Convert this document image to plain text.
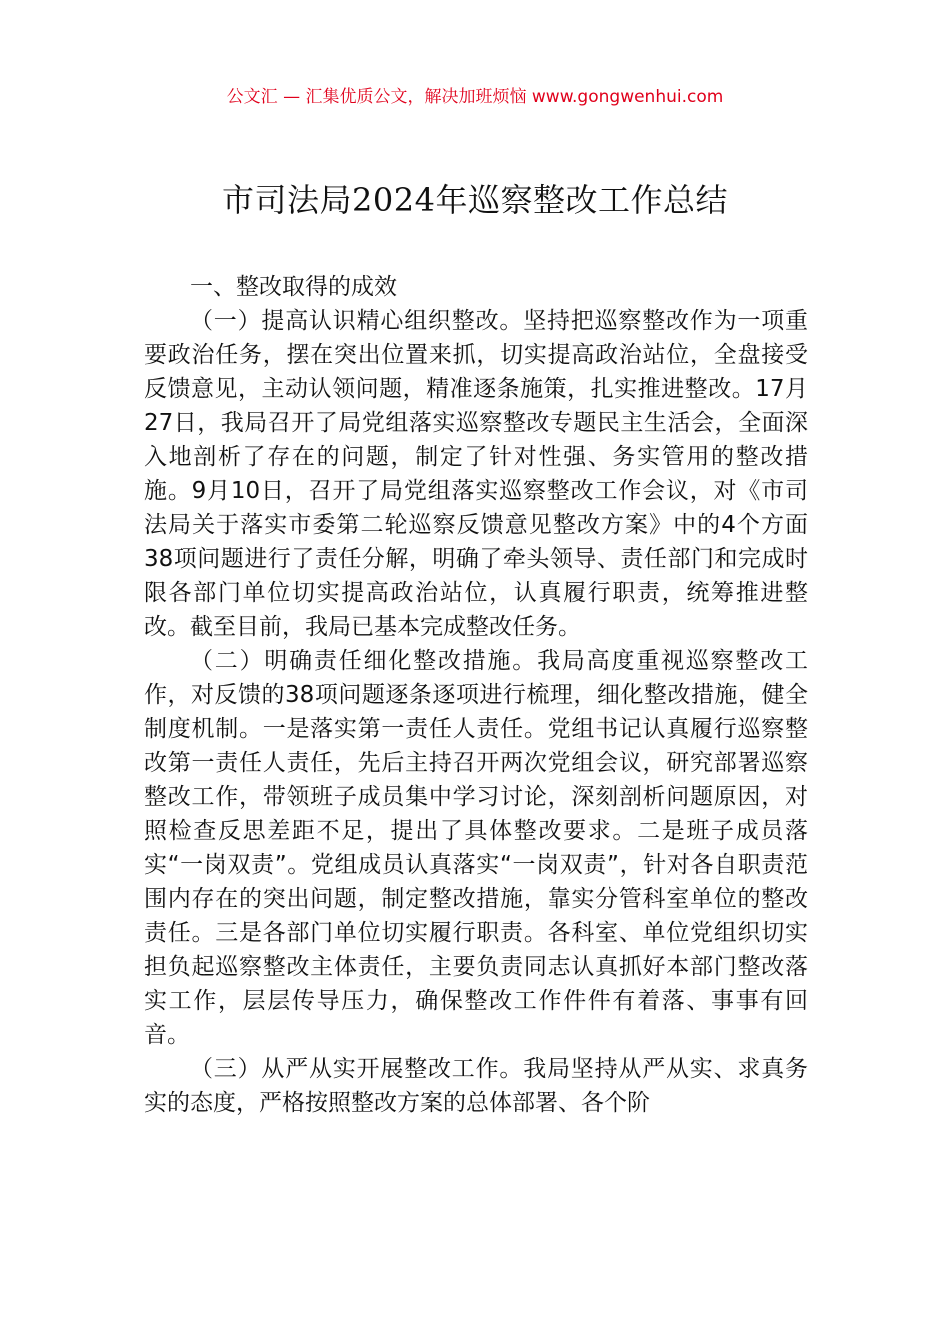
公文汇 — 汇集优质公文，解决加班烦恼 www.gongwenhui.com
市司法局2024年巡察整改工作总结

一、整改取得的成效

（一）提高认识精心组织整改。坚持把巡察整改作为一项重要政治任务，摆在突出位置来抓，切实提高政治站位，全盘接受反馈意见，主动认领问题，精准逐条施策，扎实推进整改。17月27日，我局召开了局党组落实巡察整改专题民主生活会，全面深入地剖析了存在的问题，制定了针对性强、务实管用的整改措施。9月10日，召开了局党组落实巡察整改工作会议，对《市司法局关于落实市委第二轮巡察反馈意见整改方案》中的4个方面38项问题进行了责任分解，明确了牵头领导、责任部门和完成时限各部门单位切实提高政治站位，认真履行职责，统筹推进整改。截至目前，我局已基本完成整改任务。

（二）明确责任细化整改措施。我局高度重视巡察整改工作，对反馈的38项问题逐条逐项进行梳理，细化整改措施，健全制度机制。一是落实第一责任人责任。党组书记认真履行巡察整改第一责任人责任，先后主持召开两次党组会议，研究部署巡察整改工作，带领班子成员集中学习讨论，深刻剖析问题原因，对照检查反思差距不足，提出了具体整改要求。二是班子成员落实“一岗双责”。党组成员认真落实“一岗双责”，针对各自职责范围内存在的突出问题，制定整改措施，靠实分管科室单位的整改责任。三是各部门单位切实履行职责。各科室、单位党组织切实担负起巡察整改主体责任，主要负责同志认真抓好本部门整改落实工作，层层传导压力，确保整改工作件件有着落、事事有回音。

（三）从严从实开展整改工作。我局坚持从严从实、求真务实的态度，严格按照整改方案的总体部署、各个阶
